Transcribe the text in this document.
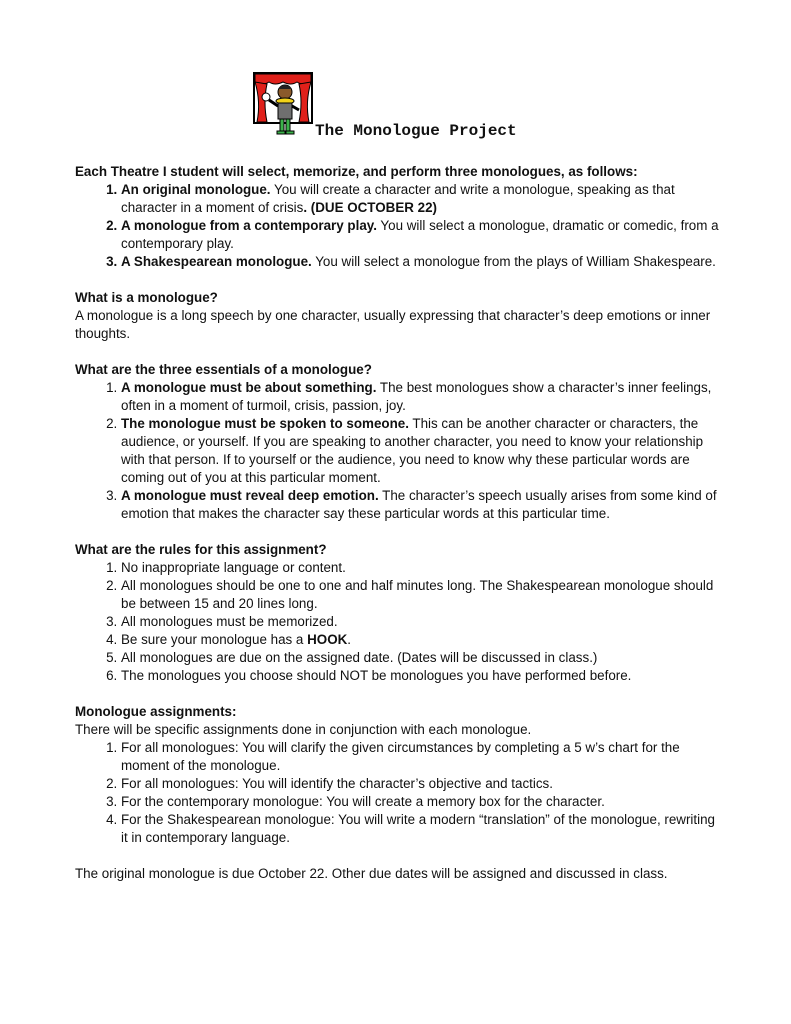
The Monologue Project

Each Theatre I student will select, memorize, and perform three monologues, as follows:

1. An original monologue. You will create a character and write a monologue, speaking as that character in a moment of crisis. (DUE OCTOBER 22)
2. A monologue from a contemporary play. You will select a monologue, dramatic or comedic, from a contemporary play.
3. A Shakespearean monologue. You will select a monologue from the plays of William Shakespeare.

What is a monologue?

A monologue is a long speech by one character, usually expressing that character’s deep emotions or inner thoughts.

What are the three essentials of a monologue?

1. A monologue must be about something. The best monologues show a character’s inner feelings, often in a moment of turmoil, crisis, passion, joy.
2. The monologue must be spoken to someone. This can be another character or characters, the audience, or yourself. If you are speaking to another character, you need to know your relationship with that person. If to yourself or the audience, you need to know why these particular words are coming out of you at this particular moment.
3. A monologue must reveal deep emotion. The character’s speech usually arises from some kind of emotion that makes the character say these particular words at this particular time.

What are the rules for this assignment?

1. No inappropriate language or content.
2. All monologues should be one to one and half minutes long. The Shakespearean monologue should be between 15 and 20 lines long.
3. All monologues must be memorized.
4. Be sure your monologue has a HOOK.
5. All monologues are due on the assigned date. (Dates will be discussed in class.)
6. The monologues you choose should NOT be monologues you have performed before.

Monologue assignments:

There will be specific assignments done in conjunction with each monologue.

1. For all monologues: You will clarify the given circumstances by completing a 5 w’s chart for the moment of the monologue.
2. For all monologues: You will identify the character’s objective and tactics.
3. For the contemporary monologue: You will create a memory box for the character.
4. For the Shakespearean monologue: You will write a modern “translation” of the monologue, rewriting it in contemporary language.

The original monologue is due October 22. Other due dates will be assigned and discussed in class.
